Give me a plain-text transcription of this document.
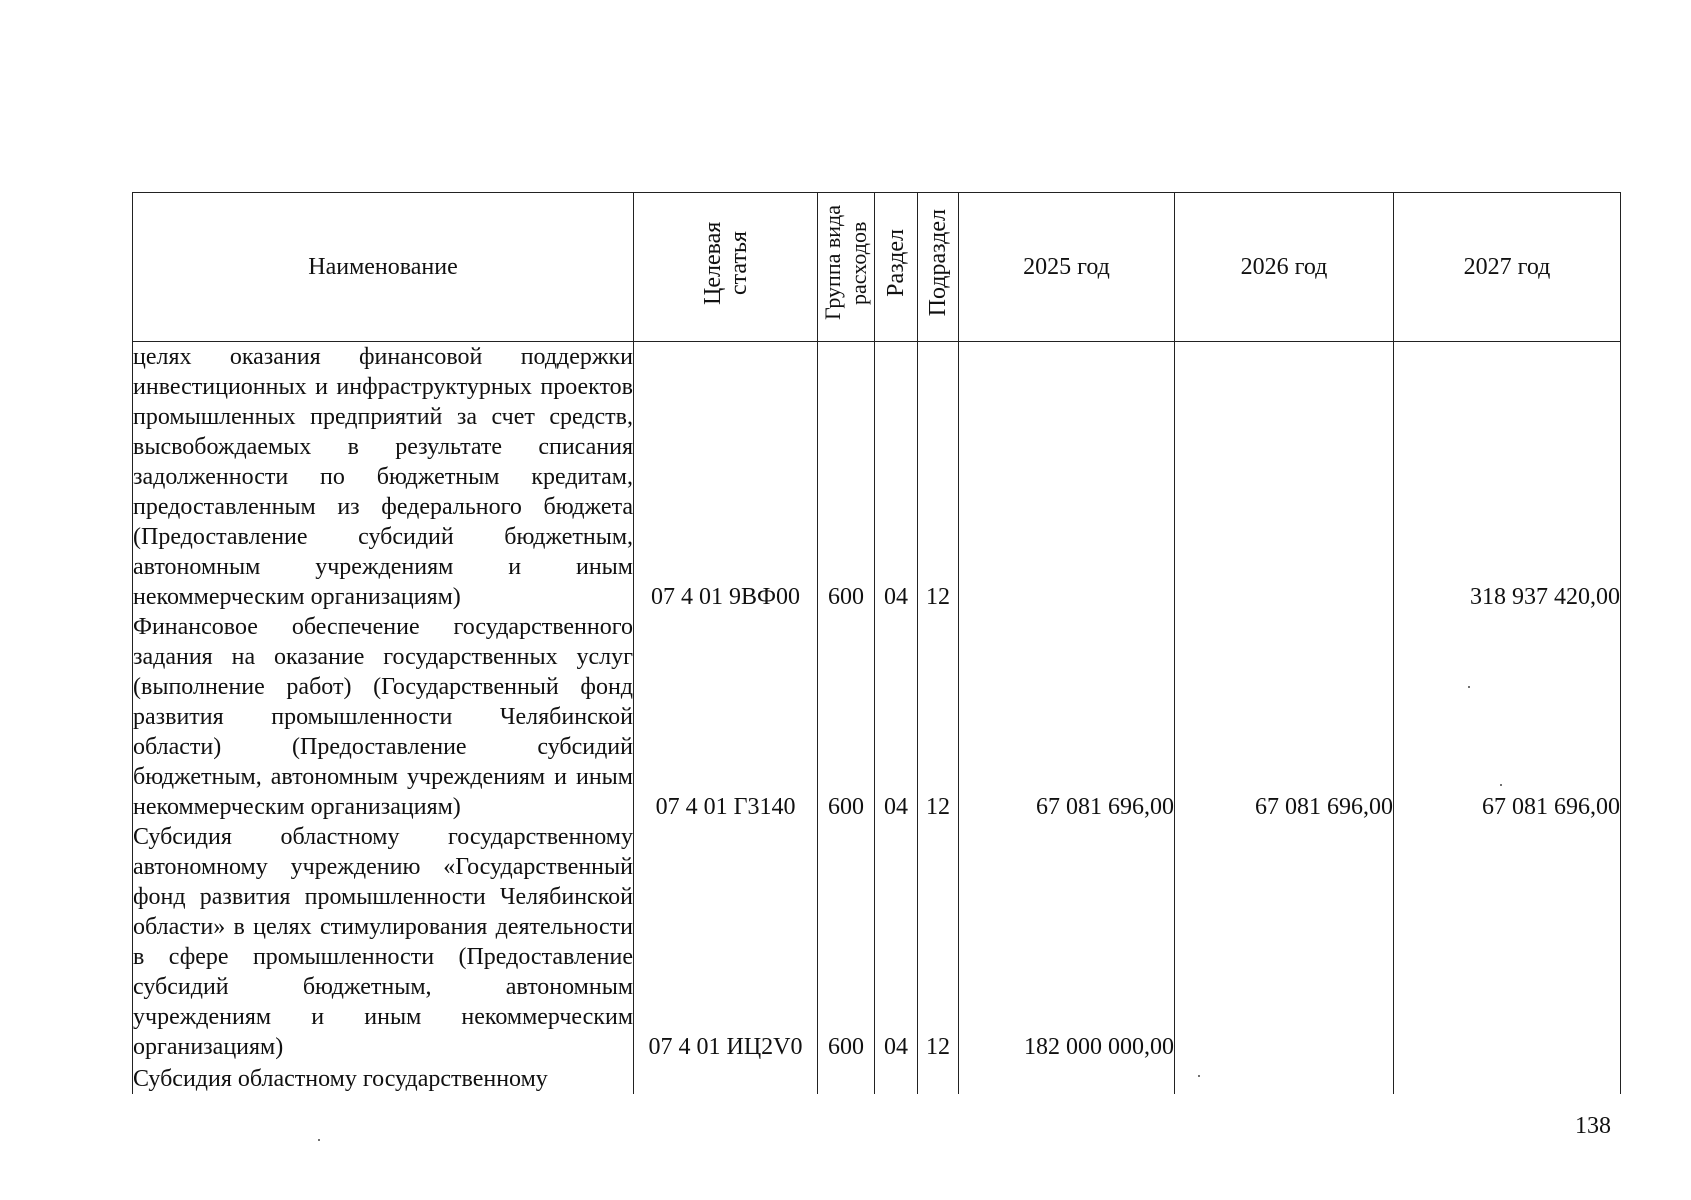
Наименование	Целевая статья	Группа вида расходов	Раздел	Подраздел	2025 год	2026 год	2027 год
целях оказания финансовой поддержки инвестиционных и инфраструктурных проектов промышленных предприятий за счет средств, высвобождаемых в результате списания задолженности по бюджетным кредитам, предоставленным из федерального бюджета (Предоставление субсидий бюджетным, автономным учреждениям и иным некоммерческим организациям)	07 4 01 9ВФ00	600	04	12			318 937 420,00
Финансовое обеспечение государственного задания на оказание государственных услуг (выполнение работ) (Государственный фонд развития промышленности Челябинской области) (Предоставление субсидий бюджетным, автономным учреждениям и иным некоммерческим организациям)	07 4 01 Г3140	600	04	12	67 081 696,00	67 081 696,00	67 081 696,00
Субсидия областному государственному автономному учреждению «Государственный фонд развития промышленности Челябинской области» в целях стимулирования деятельности в сфере промышленности (Предоставление субсидий бюджетным, автономным учреждениям и иным некоммерческим организациям)	07 4 01 ИЦ2V0	600	04	12	182 000 000,00		
Субсидия областному государственному							
138
